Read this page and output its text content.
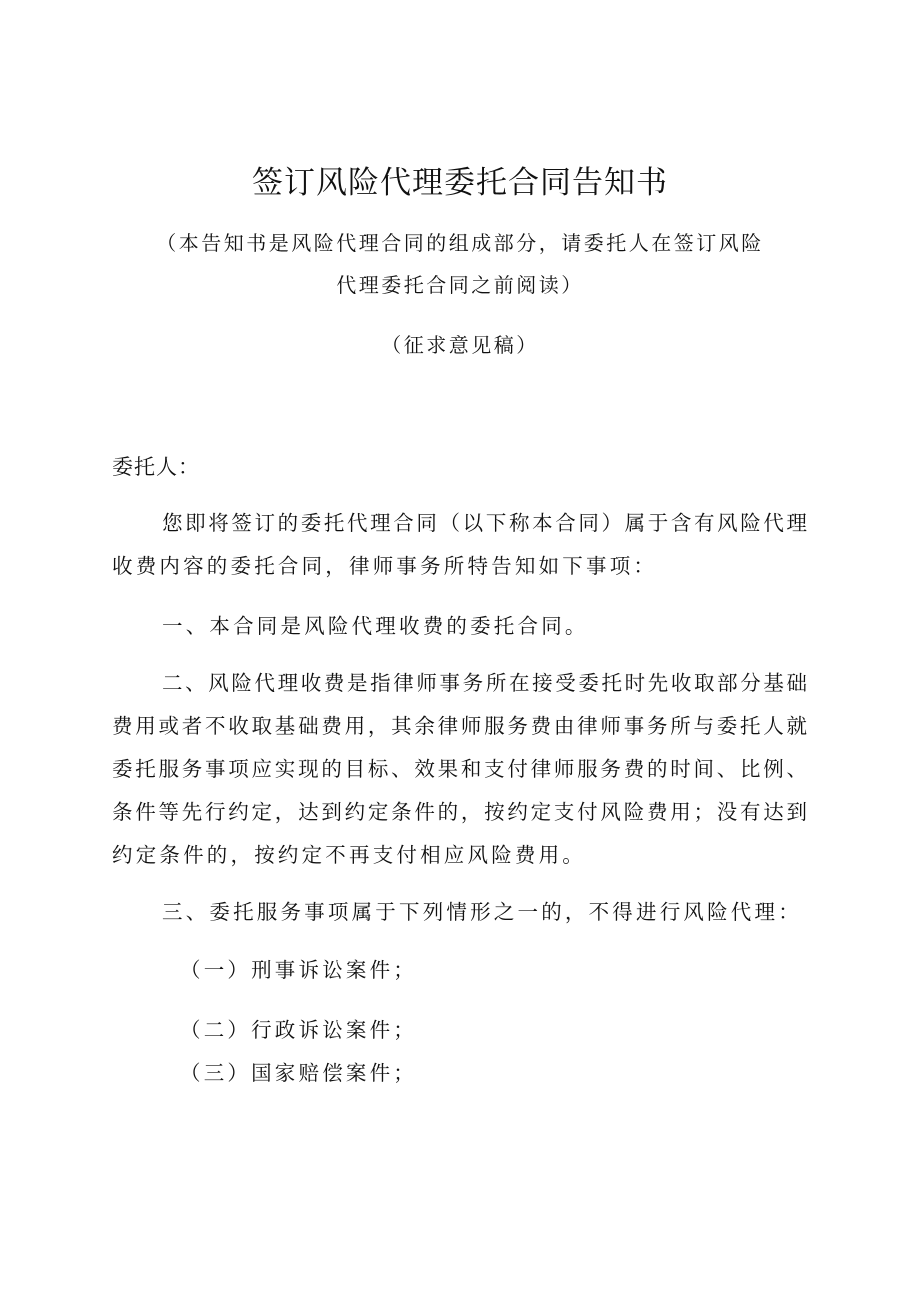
签订风险代理委托合同告知书
（本告知书是风险代理合同的组成部分，请委托人在签订风险
代理委托合同之前阅读）
（征求意见稿）
委托人：
您即将签订的委托代理合同（以下称本合同）属于含有风险代理
收费内容的委托合同，律师事务所特告知如下事项：
一、本合同是风险代理收费的委托合同。
二、风险代理收费是指律师事务所在接受委托时先收取部分基础
费用或者不收取基础费用，其余律师服务费由律师事务所与委托人就
委托服务事项应实现的目标、效果和支付律师服务费的时间、比例、
条件等先行约定，达到约定条件的，按约定支付风险费用；没有达到
约定条件的，按约定不再支付相应风险费用。
三、委托服务事项属于下列情形之一的，不得进行风险代理：
（一）刑事诉讼案件；
（二）行政诉讼案件；
（三）国家赔偿案件；
